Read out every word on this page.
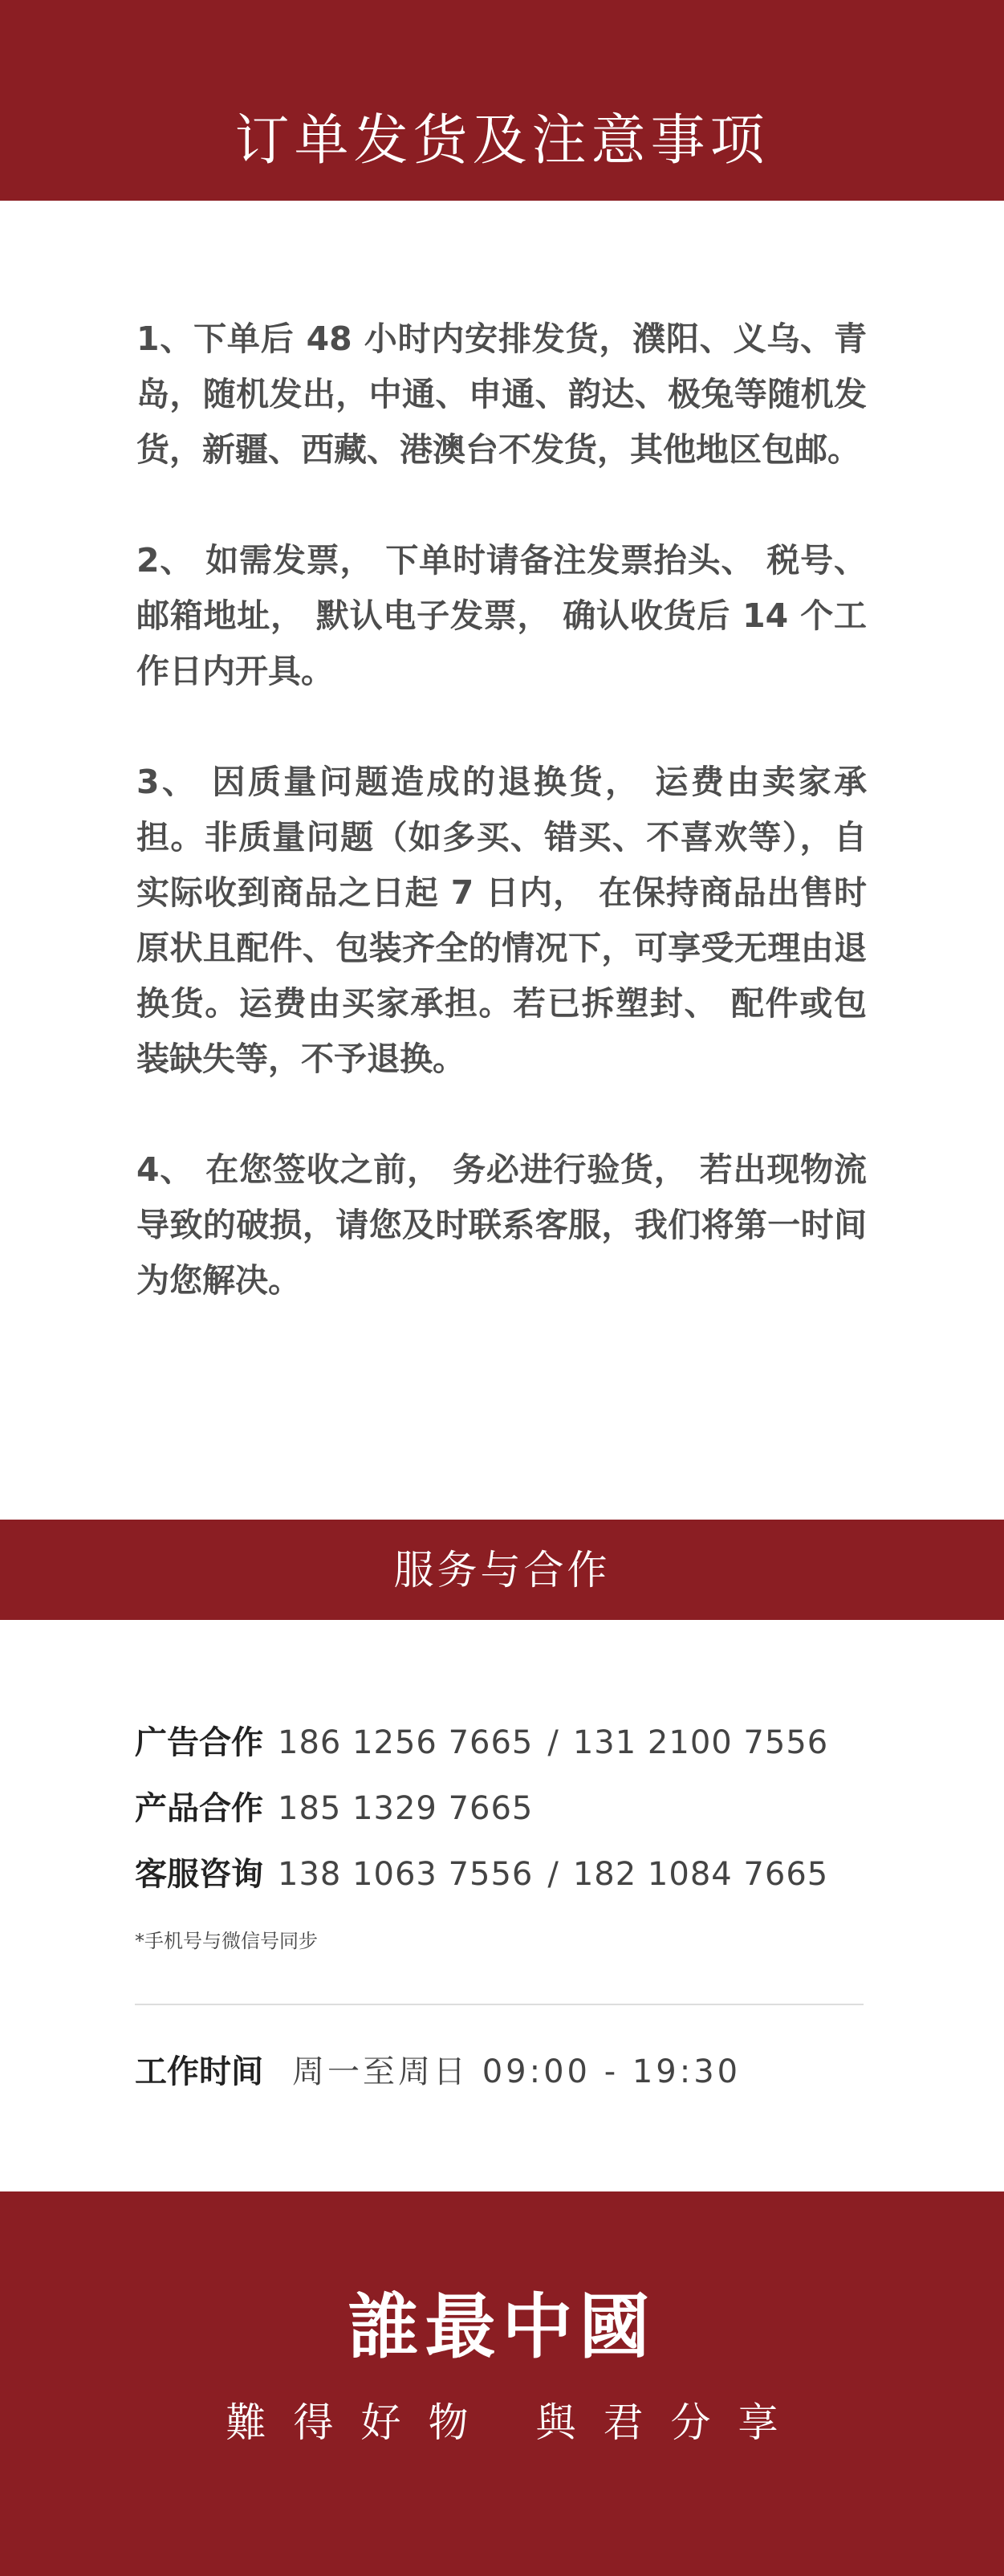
订单发货及注意事项

1、下单后 48 小时内安排发货，濮阳、义乌、青岛，随机发出，中通、申通、韵达、极兔等随机发货，新疆、西藏、港澳台不发货，其他地区包邮。

2、 如需发票， 下单时请备注发票抬头、 税号、 邮箱地址， 默认电子发票， 确认收货后 14 个工作日内开具。

3、 因质量问题造成的退换货， 运费由卖家承担。非质量问题（如多买、错买、不喜欢等），自实际收到商品之日起 7 日内， 在保持商品出售时原状且配件、包装齐全的情况下，可享受无理由退换货。运费由买家承担。若已拆塑封、 配件或包装缺失等，不予退换。

4、 在您签收之前， 务必进行验货， 若出现物流导致的破损，请您及时联系客服，我们将第一时间为您解决。

服务与合作
广告合作 186 1256 7665 / 131 2100 7556
产品合作 185 1329 7665
客服咨询 138 1063 7556 / 182 1084 7665
*手机号与微信号同步
工作时间 周一至周日 09:00 - 19:30
誰最中國
難得好物 與君分享
